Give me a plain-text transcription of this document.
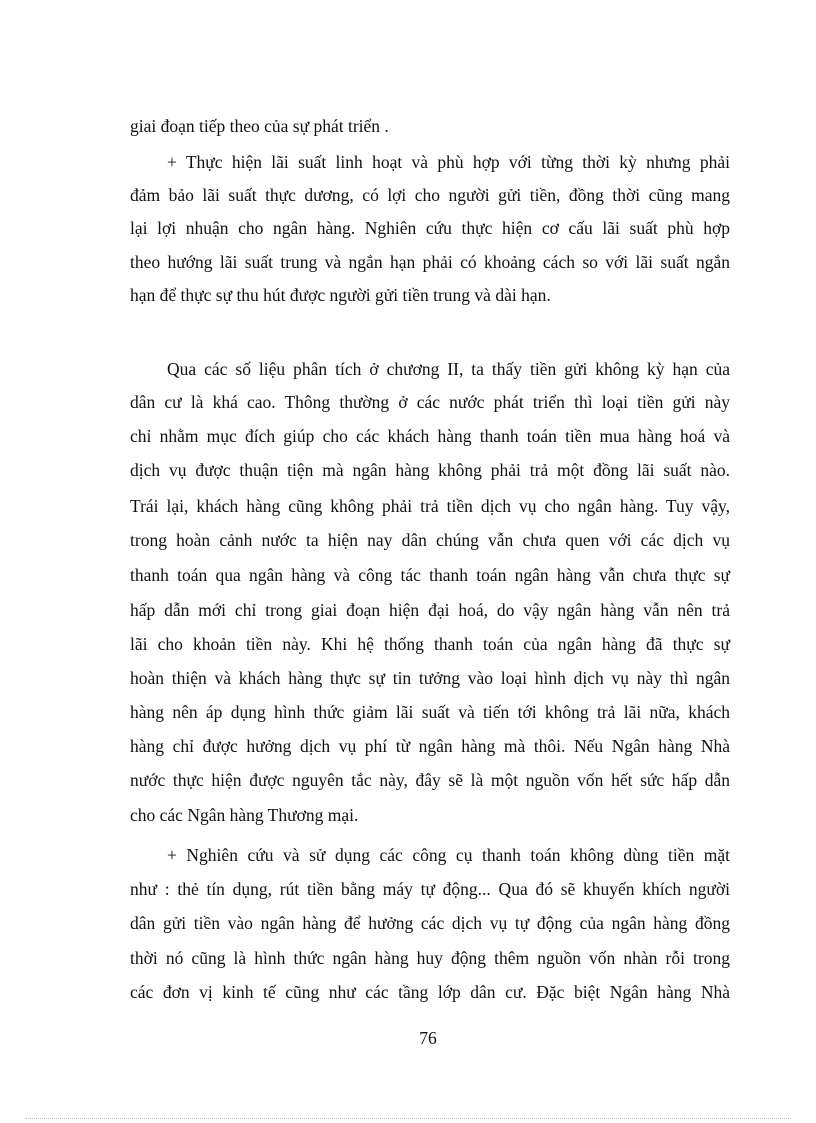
giai đoạn tiếp theo của sự phát triển .
+ Thực hiện lãi suất linh hoạt và phù hợp với từng thời kỳ nhưng phải
đảm bảo lãi suất thực dương, có lợi cho người gửi tiền, đồng thời cũng mang
lại lợi nhuận cho ngân hàng. Nghiên cứu thực hiện cơ cấu lãi suất phù hợp
theo hướng lãi suất trung và ngắn hạn phải có khoảng cách so với lãi suất ngắn
hạn để thực sự thu hút được người gửi tiền trung và dài hạn.
Qua các số liệu phân tích ở chương II, ta thấy tiền gửi không kỳ hạn của
dân cư là khá cao. Thông thường ở các nước phát triển thì loại tiền gửi này
chỉ nhằm mục đích giúp cho các khách hàng thanh toán tiền mua hàng hoá và
dịch vụ được thuận tiện mà ngân hàng không phải trả một đồng lãi suất nào.
Trái lại, khách hàng cũng không phải trả tiền dịch vụ cho ngân hàng. Tuy vậy,
trong hoàn cảnh nước ta hiện nay dân chúng vẫn chưa quen với các dịch vụ
thanh toán qua ngân hàng và công tác thanh toán ngân hàng vẫn chưa thực sự
hấp dẫn mới chỉ trong giai đoạn hiện đại hoá, do vậy ngân hàng vẫn nên trả
lãi cho khoản tiền này. Khi hệ thống thanh toán của ngân hàng đã thực sự
hoàn thiện và khách hàng thực sự tin tưởng vào loại hình dịch vụ này thì ngân
hàng nên áp dụng hình thức giảm lãi suất và tiến tới không trả lãi nữa, khách
hàng chỉ được hưởng dịch vụ phí từ ngân hàng mà thôi. Nếu Ngân hàng Nhà
nước thực hiện được nguyên tắc này, đây sẽ là một nguồn vốn hết sức hấp dẫn
cho các Ngân hàng Thương mại.
+ Nghiên cứu và sử dụng các công cụ thanh toán không dùng tiền mặt
như : thẻ tín dụng, rút tiền bằng máy tự động... Qua đó sẽ khuyến khích người
dân gửi tiền vào ngân hàng để hưởng các dịch vụ tự động của ngân hàng đồng
thời nó cũng là hình thức ngân hàng huy động thêm nguồn vốn nhàn rỗi trong
các đơn vị kinh tế cũng như các tầng lớp dân cư. Đặc biệt Ngân hàng Nhà
76
